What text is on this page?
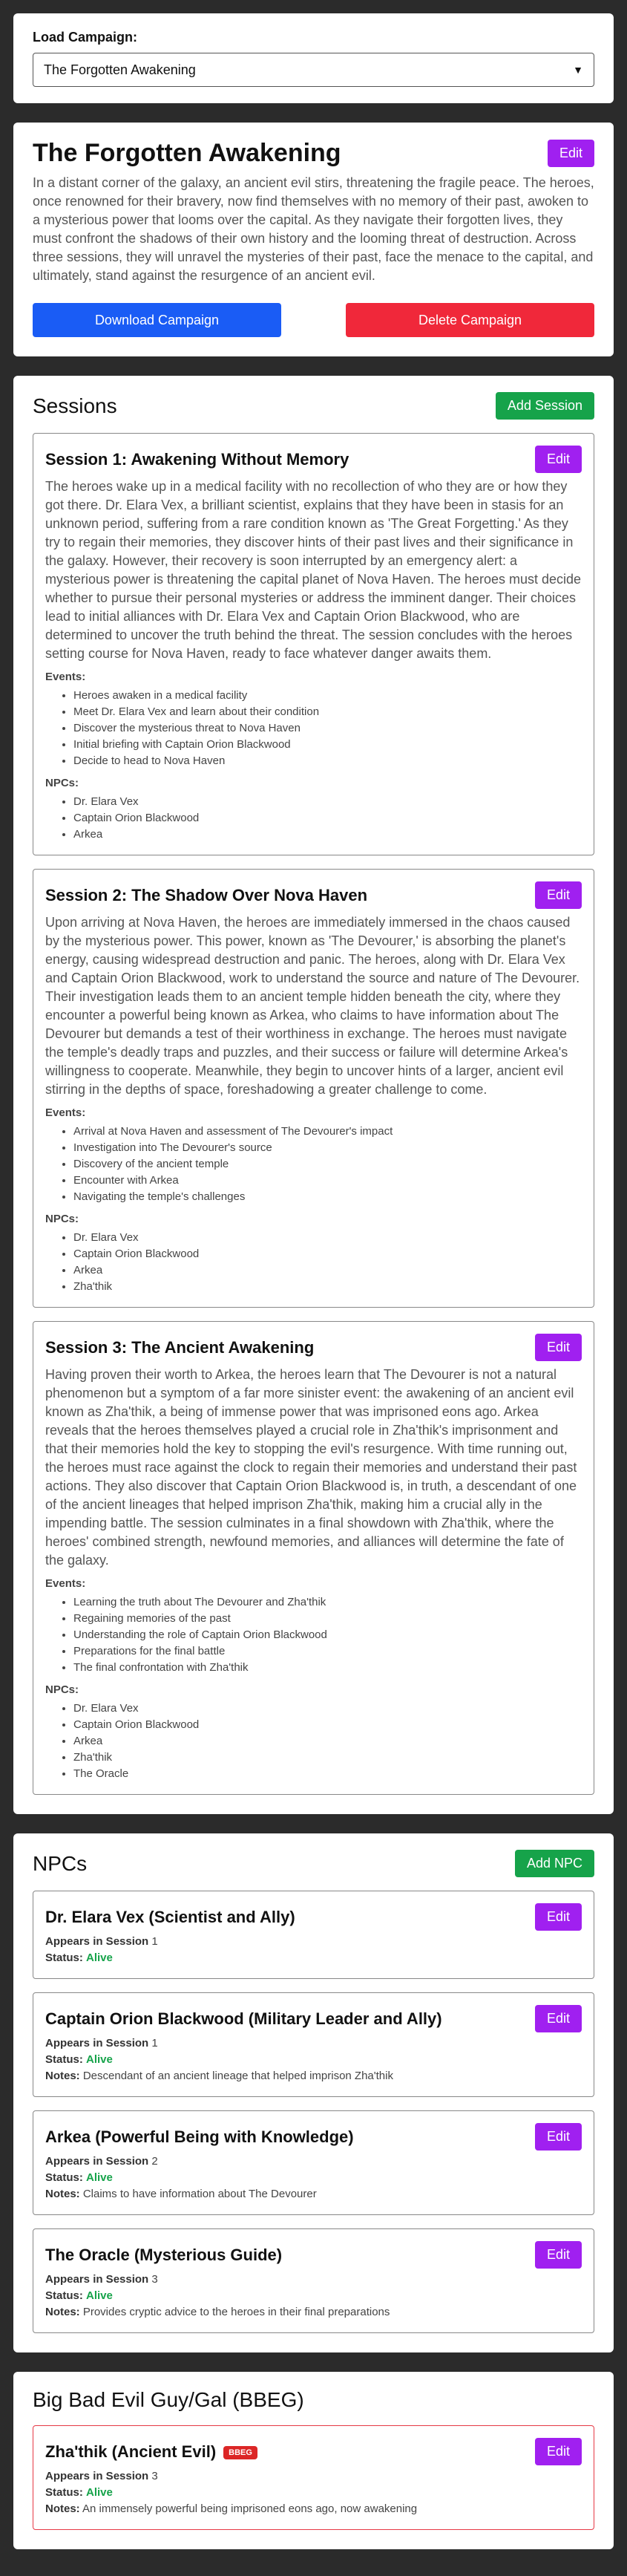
Load Campaign:
The Forgotten Awakening	▼
The Forgotten Awakening	Edit
In a distant corner of the galaxy, an ancient evil stirs, threatening the fragile peace. The heroes, once renowned for their bravery, now find themselves with no memory of their past, awoken to a mysterious power that looms over the capital. As they navigate their forgotten lives, they must confront the shadows of their own history and the looming threat of destruction. Across three sessions, they will unravel the mysteries of their past, face the menace to the capital, and ultimately, stand against the resurgence of an ancient evil.
Download Campaign	Delete Campaign
Sessions	Add Session
Session 1: Awakening Without Memory	Edit
The heroes wake up in a medical facility with no recollection of who they are or how they got there. Dr. Elara Vex, a brilliant scientist, explains that they have been in stasis for an unknown period, suffering from a rare condition known as 'The Great Forgetting.' As they try to regain their memories, they discover hints of their past lives and their significance in the galaxy. However, their recovery is soon interrupted by an emergency alert: a mysterious power is threatening the capital planet of Nova Haven. The heroes must decide whether to pursue their personal mysteries or address the imminent danger. Their choices lead to initial alliances with Dr. Elara Vex and Captain Orion Blackwood, who are determined to uncover the truth behind the threat. The session concludes with the heroes setting course for Nova Haven, ready to face whatever danger awaits them.
Events:
• Heroes awaken in a medical facility
• Meet Dr. Elara Vex and learn about their condition
• Discover the mysterious threat to Nova Haven
• Initial briefing with Captain Orion Blackwood
• Decide to head to Nova Haven
NPCs:
• Dr. Elara Vex
• Captain Orion Blackwood
• Arkea
Session 2: The Shadow Over Nova Haven	Edit
Upon arriving at Nova Haven, the heroes are immediately immersed in the chaos caused by the mysterious power. This power, known as 'The Devourer,' is absorbing the planet's energy, causing widespread destruction and panic. The heroes, along with Dr. Elara Vex and Captain Orion Blackwood, work to understand the source and nature of The Devourer. Their investigation leads them to an ancient temple hidden beneath the city, where they encounter a powerful being known as Arkea, who claims to have information about The Devourer but demands a test of their worthiness in exchange. The heroes must navigate the temple's deadly traps and puzzles, and their success or failure will determine Arkea's willingness to cooperate. Meanwhile, they begin to uncover hints of a larger, ancient evil stirring in the depths of space, foreshadowing a greater challenge to come.
Events:
• Arrival at Nova Haven and assessment of The Devourer's impact
• Investigation into The Devourer's source
• Discovery of the ancient temple
• Encounter with Arkea
• Navigating the temple's challenges
NPCs:
• Dr. Elara Vex
• Captain Orion Blackwood
• Arkea
• Zha'thik
Session 3: The Ancient Awakening	Edit
Having proven their worth to Arkea, the heroes learn that The Devourer is not a natural phenomenon but a symptom of a far more sinister event: the awakening of an ancient evil known as Zha'thik, a being of immense power that was imprisoned eons ago. Arkea reveals that the heroes themselves played a crucial role in Zha'thik's imprisonment and that their memories hold the key to stopping the evil's resurgence. With time running out, the heroes must race against the clock to regain their memories and understand their past actions. They also discover that Captain Orion Blackwood is, in truth, a descendant of one of the ancient lineages that helped imprison Zha'thik, making him a crucial ally in the impending battle. The session culminates in a final showdown with Zha'thik, where the heroes' combined strength, newfound memories, and alliances will determine the fate of the galaxy.
Events:
• Learning the truth about The Devourer and Zha'thik
• Regaining memories of the past
• Understanding the role of Captain Orion Blackwood
• Preparations for the final battle
• The final confrontation with Zha'thik
NPCs:
• Dr. Elara Vex
• Captain Orion Blackwood
• Arkea
• Zha'thik
• The Oracle
NPCs	Add NPC
Dr. Elara Vex (Scientist and Ally)	Edit
Appears in Session 1
Status: Alive
Captain Orion Blackwood (Military Leader and Ally)	Edit
Appears in Session 1
Status: Alive
Notes: Descendant of an ancient lineage that helped imprison Zha'thik
Arkea (Powerful Being with Knowledge)	Edit
Appears in Session 2
Status: Alive
Notes: Claims to have information about The Devourer
The Oracle (Mysterious Guide)	Edit
Appears in Session 3
Status: Alive
Notes: Provides cryptic advice to the heroes in their final preparations
Big Bad Evil Guy/Gal (BBEG)
Zha'thik (Ancient Evil) BBEG	Edit
Appears in Session 3
Status: Alive
Notes: An immensely powerful being imprisoned eons ago, now awakening
